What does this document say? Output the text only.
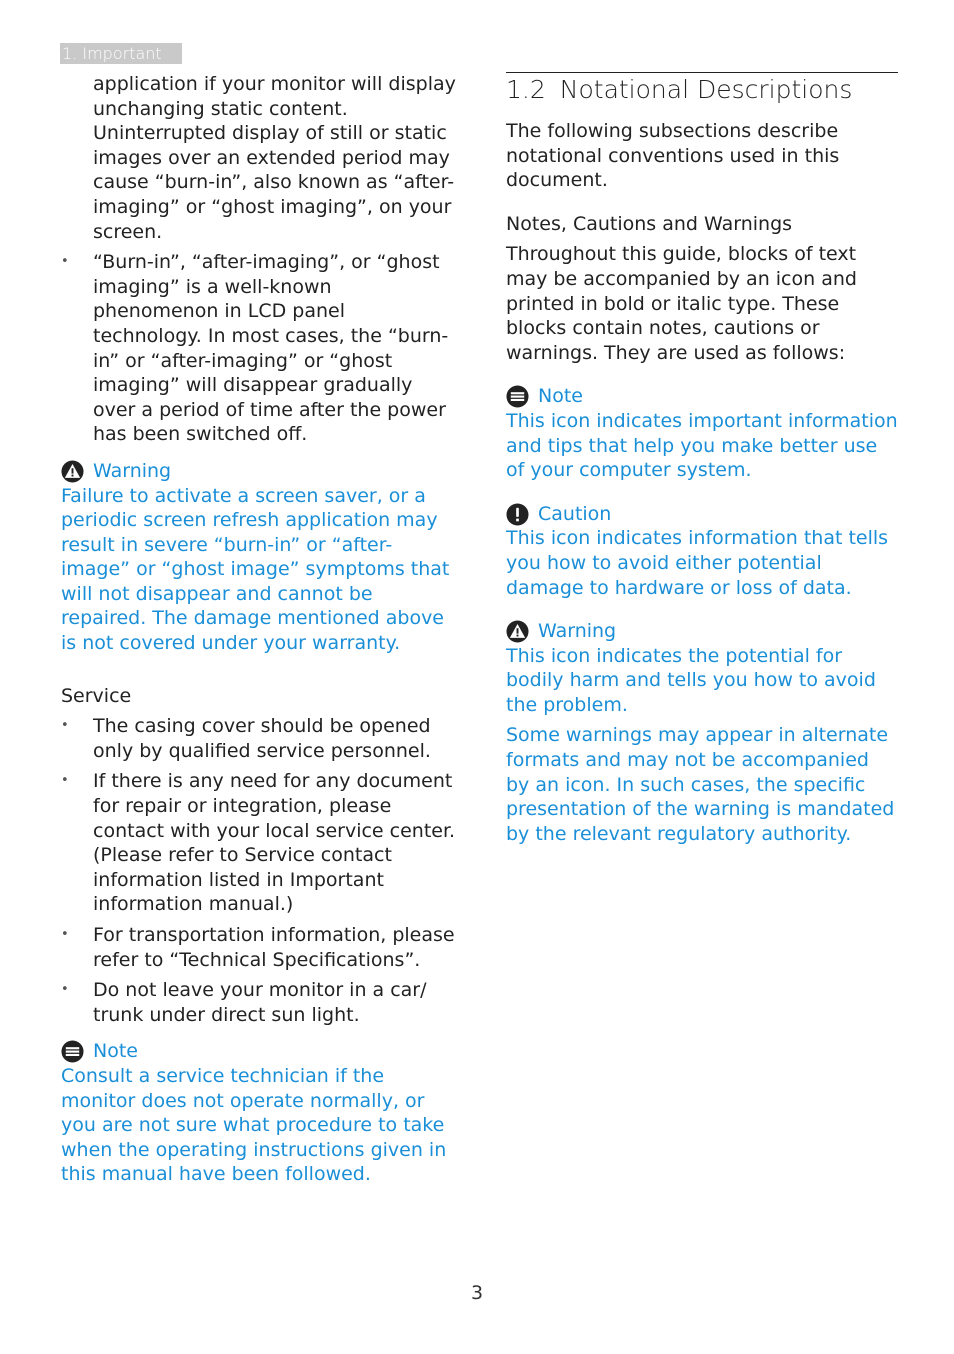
1. Important

application if your monitor will display unchanging static content. Uninterrupted display of still or static images over an extended period may cause “burn-in”, also known as “after-imaging” or “ghost imaging”, on your screen.

• “Burn-in”, “after-imaging”, or “ghost imaging” is a well-known phenomenon in LCD panel technology. In most cases, the “burn-in” or “after-imaging” or “ghost imaging” will disappear gradually over a period of time after the power has been switched off.
Warning

Failure to activate a screen saver, or a periodic screen refresh application may result in severe “burn-in” or “after-image” or “ghost image” symptoms that will not disappear and cannot be repaired. The damage mentioned above is not covered under your warranty.

Service

• The casing cover should be opened only by qualified service personnel.
• If there is any need for any document for repair or integration, please contact with your local service center. (Please refer to Service contact information listed in Important information manual.)
• For transportation information, please refer to “Technical Specifications”.
• Do not leave your monitor in a car/ trunk under direct sun light.
Note

Consult a service technician if the monitor does not operate normally, or you are not sure what procedure to take when the operating instructions given in this manual have been followed.

1.2 Notational Descriptions

The following subsections describe notational conventions used in this document.

Notes, Cautions and Warnings

Throughout this guide, blocks of text may be accompanied by an icon and printed in bold or italic type. These blocks contain notes, cautions or warnings. They are used as follows:

Note

This icon indicates important information and tips that help you make better use of your computer system.

Caution

This icon indicates information that tells you how to avoid either potential damage to hardware or loss of data.

Warning

This icon indicates the potential for bodily harm and tells you how to avoid the problem.

Some warnings may appear in alternate formats and may not be accompanied by an icon. In such cases, the specific presentation of the warning is mandated by the relevant regulatory authority.

3
